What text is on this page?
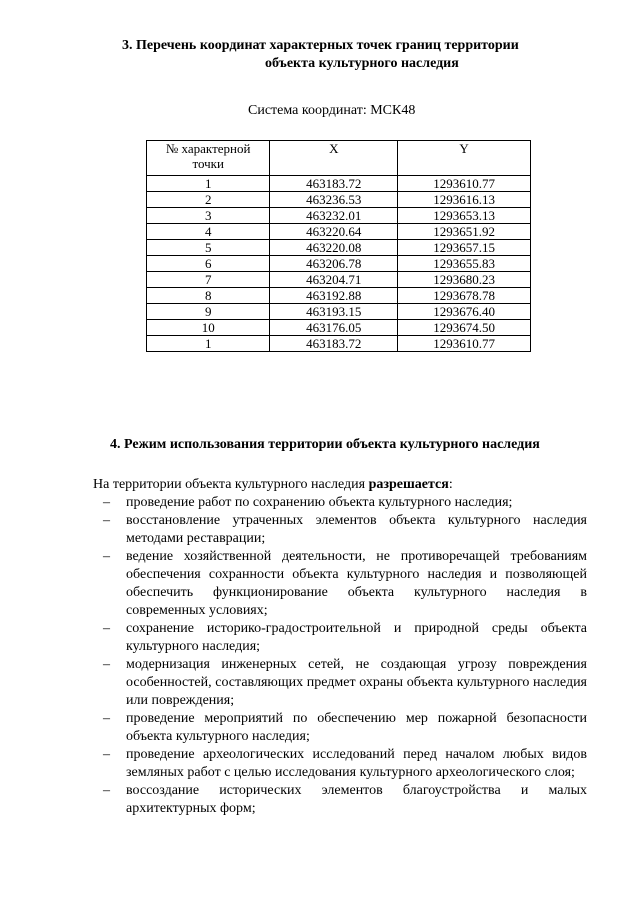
3. Перечень координат характерных точек границ территории
объекта культурного наследия
Система координат: МСК48
№ характерной точки	X	Y
1	463183.72	1293610.77
2	463236.53	1293616.13
3	463232.01	1293653.13
4	463220.64	1293651.92
5	463220.08	1293657.15
6	463206.78	1293655.83
7	463204.71	1293680.23
8	463192.88	1293678.78
9	463193.15	1293676.40
10	463176.05	1293674.50
1	463183.72	1293610.77
4. Режим использования территории объекта культурного наследия
На территории объекта культурного наследия разрешается:
– проведение работ по сохранению объекта культурного наследия;
– восстановление утраченных элементов объекта культурного наследия методами реставрации;
– ведение хозяйственной деятельности, не противоречащей требованиям обеспечения сохранности объекта культурного наследия и позволяющей обеспечить функционирование объекта культурного наследия в современных условиях;
– сохранение историко-градостроительной и природной среды объекта культурного наследия;
– модернизация инженерных сетей, не создающая угрозу повреждения особенностей, составляющих предмет охраны объекта культурного наследия или повреждения;
– проведение мероприятий по обеспечению мер пожарной безопасности объекта культурного наследия;
– проведение археологических исследований перед началом любых видов земляных работ с целью исследования культурного археологического слоя;
– воссоздание исторических элементов благоустройства и малых архитектурных форм;
